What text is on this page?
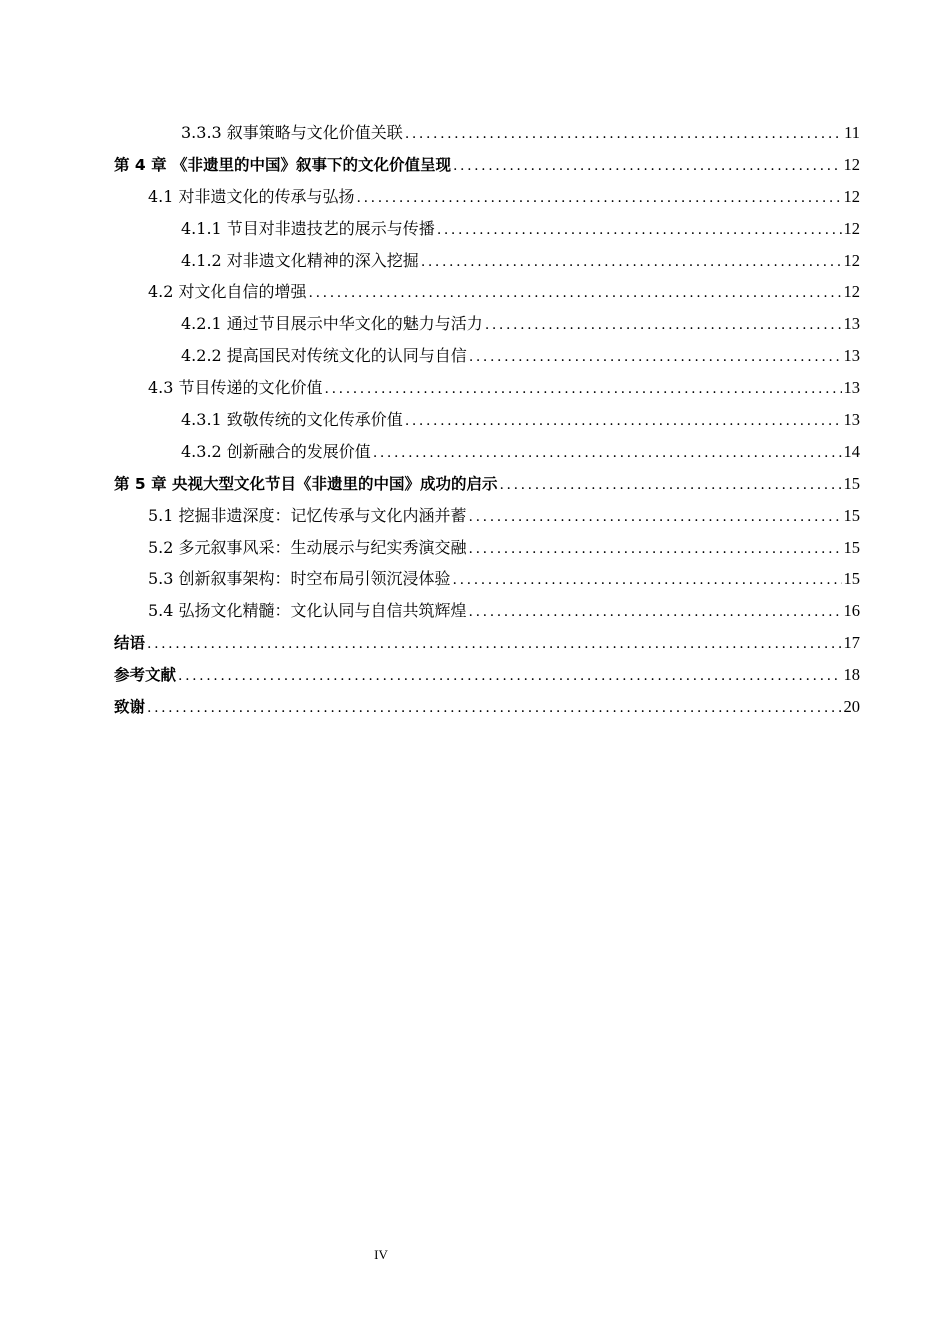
3.3.3 叙事策略与文化价值关联 .....	11
第 4 章 《非遗里的中国》叙事下的文化价值呈现 .....	12
4.1 对非遗文化的传承与弘扬 .....	12
4.1.1 节目对非遗技艺的展示与传播 .....	12
4.1.2 对非遗文化精神的深入挖掘 .....	12
4.2 对文化自信的增强 .....	12
4.2.1 通过节目展示中华文化的魅力与活力 .....	13
4.2.2 提高国民对传统文化的认同与自信 .....	13
4.3 节目传递的文化价值 .....	13
4.3.1 致敬传统的文化传承价值 .....	13
4.3.2 创新融合的发展价值 .....	14
第 5 章 央视大型文化节目《非遗里的中国》成功的启示 .....	15
5.1 挖掘非遗深度：记忆传承与文化内涵并蓄 .....	15
5.2 多元叙事风采：生动展示与纪实秀演交融 .....	15
5.3 创新叙事架构：时空布局引领沉浸体验 .....	15
5.4 弘扬文化精髓：文化认同与自信共筑辉煌 .....	16
结语 .....	17
参考文献 .....	18
致谢 .....	20
IV
